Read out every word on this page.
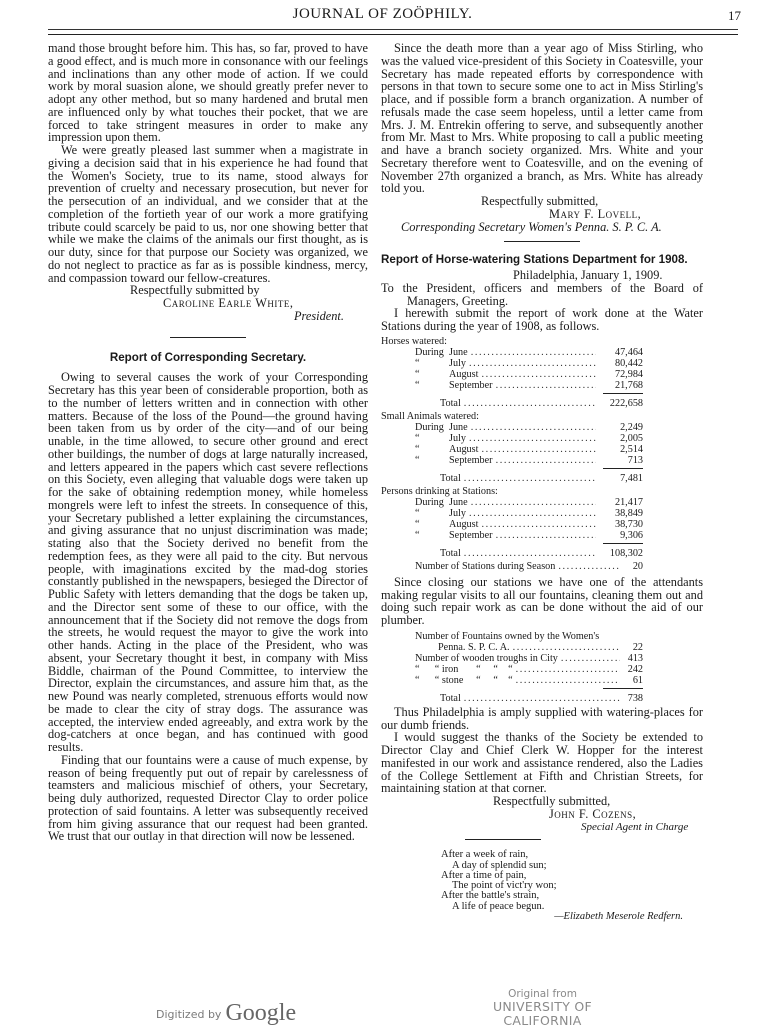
JOURNAL OF ZOÖPHILY.	17

mand those brought before him. This has, so far, proved to have a good effect, and is much more in consonance with our feelings and inclinations than any other mode of action. If we could work by moral suasion alone, we should greatly prefer never to adopt any other method, but so many hardened and brutal men are influenced only by what touches their pocket, that we are forced to take stringent measures in order to make any impression upon them.

We were greatly pleased last summer when a magistrate in giving a decision said that in his experience he had found that the Women's Society, true to its name, stood always for prevention of cruelty and necessary prosecution, but never for the persecution of an individual, and we consider that at the completion of the fortieth year of our work a more gratifying tribute could scarcely be paid to us, nor one showing better that while we make the claims of the animals our first thought, as is our duty, since for that purpose our Society was organized, we do not neglect to practice as far as is possible kindness, mercy, and compassion toward our fellow-creatures.

Respectfully submitted by
Caroline Earle White,
President.
Report of Corresponding Secretary.

Owing to several causes the work of your Corresponding Secretary has this year been of considerable proportion, both as to the number of letters written and in connection with other matters. Because of the loss of the Pound—the ground having been taken from us by order of the city—and of our being unable, in the time allowed, to secure other ground and erect other buildings, the number of dogs at large naturally increased, and letters appeared in the papers which cast severe reflections on this Society, even alleging that valuable dogs were taken up for the sake of obtaining redemption money, while homeless mongrels were left to infest the streets. In consequence of this, your Secretary published a letter explaining the circumstances, and giving assurance that no unjust discrimination was made; stating also that the Society derived no benefit from the redemption fees, as they were all paid to the city. But nervous people, with imaginations excited by the mad-dog stories constantly published in the newspapers, besieged the Director of Public Safety with letters demanding that the dogs be taken up, and the Director sent some of these to our office, with the announcement that if the Society did not remove the dogs from the streets, he would request the mayor to give the work into other hands. Acting in the place of the President, who was absent, your Secretary thought it best, in company with Miss Biddle, chairman of the Pound Committee, to interview the Director, explain the circumstances, and assure him that, as the new Pound was nearly completed, strenuous efforts would now be made to clear the city of stray dogs. The assurance was accepted, the interview ended agreeably, and extra work by the dog-catchers at once began, and has continued with good results.

Finding that our fountains were a cause of much expense, by reason of being frequently put out of repair by carelessness of teamsters and malicious mischief of others, your Secretary, being duly authorized, requested Director Clay to order police protection of said fountains. A letter was subsequently received from him giving assurance that our request had been granted. We trust that our outlay in that direction will now be lessened.

Since the death more than a year ago of Miss Stirling, who was the valued vice-president of this Society in Coatesville, your Secretary has made repeated efforts by correspondence with persons in that town to secure some one to act in Miss Stirling's place, and if possible form a branch organization. A number of refusals made the case seem hopeless, until a letter came from Mrs. J. M. Entrekin offering to serve, and subsequently another from Mr. Mast to Mrs. White proposing to call a public meeting and have a branch society organized. Mrs. White and your Secretary therefore went to Coatesville, and on the evening of November 27th organized a branch, as Mrs. White has already told you.

Respectfully submitted,
Mary F. Lovell,
Corresponding Secretary Women's Penna. S. P. C. A.
Report of Horse-watering Stations Department for 1908.
Philadelphia, January 1, 1909.

To the President, officers and members of the Board of Managers, Greeting.

I herewith submit the report of work done at the Water Stations during the year of 1908, as follows.

Horses watered:
During June .....	47,464
“	July .....	80,442
“	August .....	72,984
“	September .....	21,768
Total .....	222,658
Small Animals watered:
During June .....	2,249
“	July .....	2,005
“	August .....	2,514
“	September .....	713
Total .....	7,481
Persons drinking at Stations:
During June .....	21,417
“	July .....	38,849
“	August .....	38,730
“	September .....	9,306
Total .....	108,302
Number of Stations during Season .....	20

Since closing our stations we have one of the attendants making regular visits to all our fountains, cleaning them out and doing such repair work as can be done without the aid of our plumber.

Number of Fountains owned by the Women's
Penna. S. P. C. A. .....	22
Number of wooden troughs in City .....	413
“      “ iron       “     “    “ .....	242
“      “ stone     “     “    “ .....	61
Total .....	738

Thus Philadelphia is amply supplied with watering-places for our dumb friends.

I would suggest the thanks of the Society be extended to Director Clay and Chief Clerk W. Hopper for the interest manifested in our work and assistance rendered, also the Ladies of the College Settlement at Fifth and Christian Streets, for maintaining station at that corner.

Respectfully submitted,
John F. Cozens,
Special Agent in Charge
After a week of rain,
A day of splendid sun;
After a time of pain,
The point of vict'ry won;
After the battle's strain,
A life of peace begun.
—Elizabeth Meserole Redfern.
Digitized by Google
Original from
UNIVERSITY OF CALIFORNIA
